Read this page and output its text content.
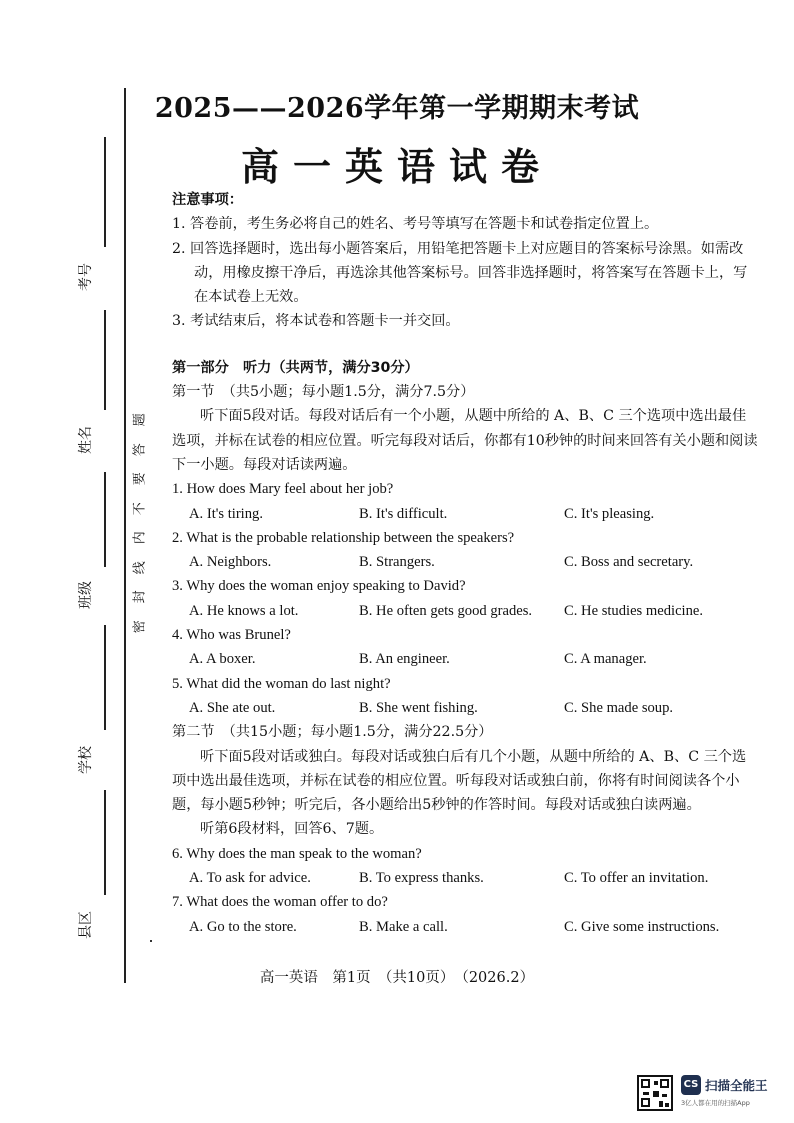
考号
姓名
班级
学校
县区
题
答
要
不
内
线
封
密
2025——2026学年第一学期期末考试
高一英语试卷

注意事项：

1. 答卷前，考生务必将自己的姓名、考号等填写在答题卡和试卷指定位置上。

2. 回答选择题时，选出每小题答案后，用铅笔把答题卡上对应题目的答案标号涂黑。如需改动，用橡皮擦干净后，再选涂其他答案标号。回答非选择题时，将答案写在答题卡上，写在本试卷上无效。

3. 考试结束后，将本试卷和答题卡一并交回。

第一部分　听力（共两节，满分30分）

第一节　（共5小题；每小题1.5分，满分7.5分）

听下面5段对话。每段对话后有一个小题，从题中所给的 A、B、C 三个选项中选出最佳选项，并标在试卷的相应位置。听完每段对话后，你都有10秒钟的时间来回答有关小题和阅读下一小题。每段对话读两遍。

1. How does Mary feel about her job?

A. It's tiring.	B. It's difficult.	C. It's pleasing.

2. What is the probable relationship between the speakers?

A. Neighbors.	B. Strangers.	C. Boss and secretary.

3. Why does the woman enjoy speaking to David?

A. He knows a lot.	B. He often gets good grades.	C. He studies medicine.

4. Who was Brunel?

A. A boxer.	B. An engineer.	C. A manager.

5. What did the woman do last night?

A. She ate out.	B. She went fishing.	C. She made soup.

第二节　（共15小题；每小题1.5分，满分22.5分）

听下面5段对话或独白。每段对话或独白后有几个小题，从题中所给的 A、B、C 三个选项中选出最佳选项，并标在试卷的相应位置。听每段对话或独白前，你将有时间阅读各个小题，每小题5秒钟；听完后，各小题给出5秒钟的作答时间。每段对话或独白读两遍。

听第6段材料，回答6、7题。

6. Why does the man speak to the woman?

A. To ask for advice.	B. To express thanks.	C. To offer an invitation.

7. What does the woman offer to do?

A. Go to the store.	B. Make a call.	C. Give some instructions.
高一英语　第1页　（共10页）　（2026.2）
CS 扫描全能王
3亿人都在用的扫描App
